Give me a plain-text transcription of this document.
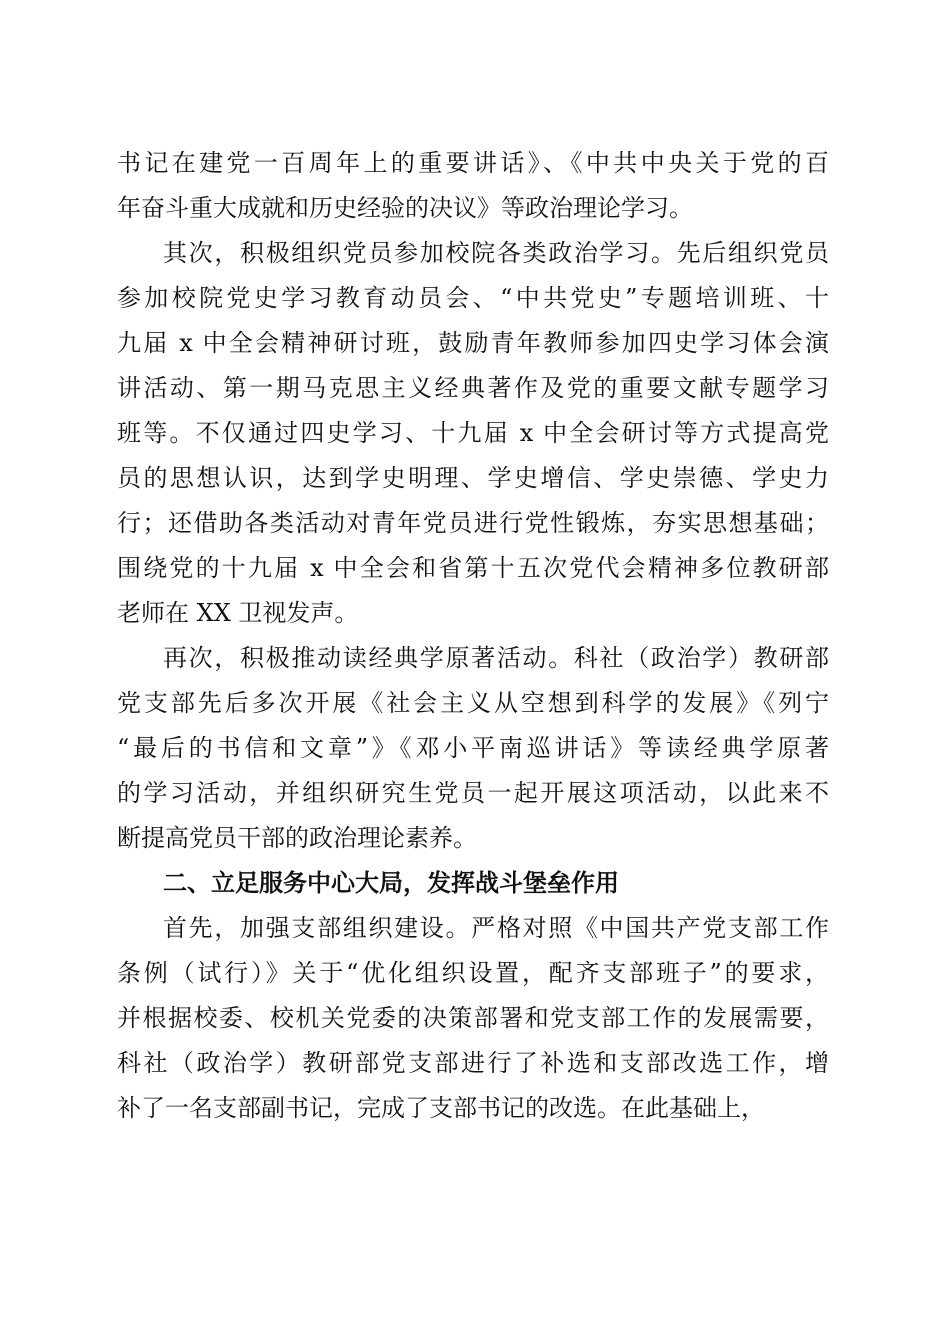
书记在建党一百周年上的重要讲话》、《中共中央关于党的百
年奋斗重大成就和历史经验的决议》等政治理论学习。
其次，积极组织党员参加校院各类政治学习。先后组织党员
参加校院党史学习教育动员会、“中共党史”专题培训班、十
九届 x 中全会精神研讨班，鼓励青年教师参加四史学习体会演
讲活动、第一期马克思主义经典著作及党的重要文献专题学习
班等。不仅通过四史学习、十九届 x 中全会研讨等方式提高党
员的思想认识，达到学史明理、学史增信、学史崇德、学史力
行；还借助各类活动对青年党员进行党性锻炼，夯实思想基础；
围绕党的十九届 x 中全会和省第十五次党代会精神多位教研部
老师在 XX 卫视发声。
再次，积极推动读经典学原著活动。科社（政治学）教研部
党支部先后多次开展《社会主义从空想到科学的发展》《列宁
“最后的书信和文章”》《邓小平南巡讲话》等读经典学原著
的学习活动，并组织研究生党员一起开展这项活动，以此来不
断提高党员干部的政治理论素养。
二、立足服务中心大局，发挥战斗堡垒作用
首先，加强支部组织建设。严格对照《中国共产党支部工作
条例（试行）》关于“优化组织设置，配齐支部班子”的要求，
并根据校委、校机关党委的决策部署和党支部工作的发展需要，
科社（政治学）教研部党支部进行了补选和支部改选工作，增
补了一名支部副书记，完成了支部书记的改选。在此基础上，
